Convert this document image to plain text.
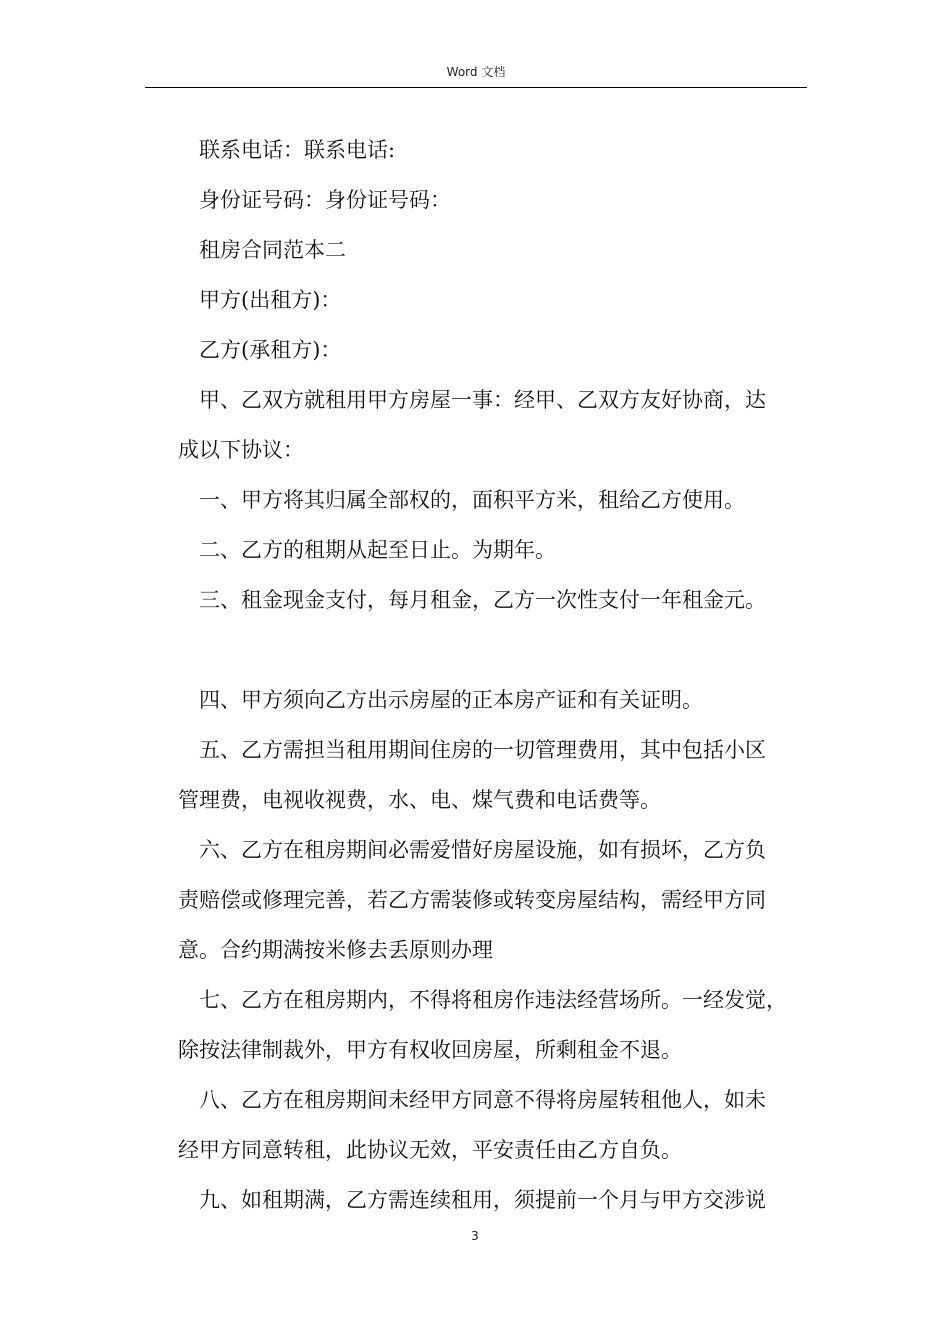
Word 文档

联系电话：联系电话:

身份证号码：身份证号码：

租房合同范本二

甲方(出租方)：

乙方(承租方)：

甲、乙双方就租用甲方房屋一事：经甲、乙双方友好协商，达

成以下协议：

一、甲方将其归属全部权的，面积平方米，租给乙方使用。

二、乙方的租期从起至日止。为期年。

三、租金现金支付，每月租金，乙方一次性支付一年租金元。

四、甲方须向乙方出示房屋的正本房产证和有关证明。

五、乙方需担当租用期间住房的一切管理费用，其中包括小区

管理费，电视收视费，水、电、煤气费和电话费等。

六、乙方在租房期间必需爱惜好房屋设施，如有损坏，乙方负

责赔偿或修理完善，若乙方需装修或转变房屋结构，需经甲方同

意。合约期满按米修去丢原则办理

七、乙方在租房期内，不得将租房作违法经营场所。一经发觉，

除按法律制裁外，甲方有权收回房屋，所剩租金不退。

八、乙方在租房期间未经甲方同意不得将房屋转租他人，如未

经甲方同意转租，此协议无效，平安责任由乙方自负。

九、如租期满，乙方需连续租用，须提前一个月与甲方交涉说

3
